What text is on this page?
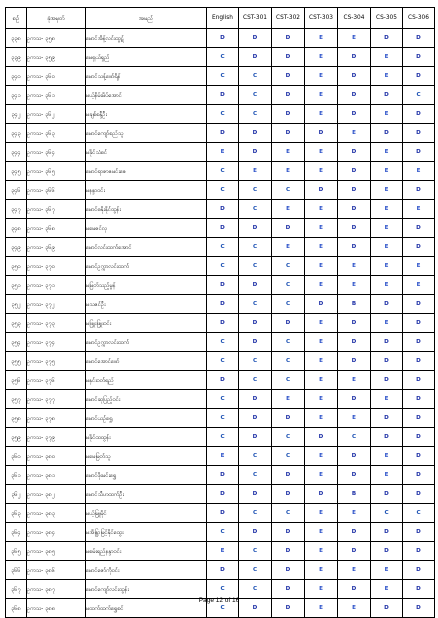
စဉ်	ခုံအမှတ်	အမည်	English	CST-301	CST-302	CST-303	CS-304	CS-305	CS-306
၃၃၈	ဥကသ- ၃၅၈	မောင်အိန့်လင်းထွဋ်	D	D	D	E	E	D	D
၃၃၉	ဥကသ- ၃၅၉	မေရှယ်ရှည်	C	D	D	E	D	E	D
၃၄၀	ဥကသ- ၃၆၀	မောင်သန့်ဖော်ရိန်	C	C	D	E	D	E	D
၃၄၁	ဥကသ- ၃၆၁	မယ့်နိမ်းမိပ်အောင်	D	C	D	E	D	D	C
၃၄၂	ဥကသ- ၃၆၂	မချစ်စန္ဒီဦး	C	C	D	E	D	E	D
၃၄၃	ဥကသ- ၃၆၃	မောင်ကျော်စည်သူ	D	D	D	D	E	D	D
၃၄၄	ဥကသ- ၃၆၄	မခိုင်သံစင်	E	D	E	E	D	E	D
၃၄၅	ဥကသ- ၃၆၅	မောင်ရာဇာဇမင်းဇေ	C	E	E	E	D	E	E
၃၄၆	ဥကသ- ၃၆၆	မနန္ဒာဝင်း	C	C	C	D	D	E	D
၃၄၇	ဥကသ- ၃၆၇	မောင်ဓနိုးနိုင်ထွန်း	D	C	E	E	D	E	E
၃၄၈	ဥကသ- ၃၆၈	မမေဇင်လှ	D	D	D	E	D	E	D
၃၄၉	ဥကသ- ၃၆၉	မောင်လင်းထက်အောင်	C	C	E	E	D	E	D
၃၅၀	ဥကသ- ၃၇၀	မောင်ဥက္ကာလင်းထက်	C	C	C	E	E	E	E
၃၅၁	ဥကသ- ၃၇၁	မမြတ်သည့်မွန်	D	D	C	E	E	E	E
၃၅၂	ဥကသ- ၃၇၂	မသဇင်ဦး	D	C	C	D	B	D	D
၃၅၃	ဥကသ- ၃၇၃	မဖြူးဖြူးဝင်း	D	D	D	E	D	E	D
၃၅၄	ဥကသ- ၃၇၄	မောင်ဥက္ကာလင်းထက်	C	D	C	E	D	D	D
၃၅၅	ဥကသ- ၃၇၅	မောင်အောင်ဖော်	C	C	C	E	D	D	D
၃၅၆	ဥကသ- ၃၇၆	မနှင်းဝတ်ရည်	D	C	C	E	E	D	D
၃၅၇	ဥကသ- ၃၇၇	မောင်ဆုပြည့်ဝင်း	C	D	E	E	D	E	D
၃၅၈	ဥကသ- ၃၇၈	မောင်ယဉ်ရွှေ	C	D	D	E	E	D	D
၃၅၉	ဥကသ- ၃၇၉	မခိုင်ထထွန်း	C	D	C	D	C	D	D
၃၆၀	ဥကသ- ၃၈၀	မမေမြတ်သူ	E	C	C	E	D	E	D
၃၆၁	ဥကသ- ၃၈၁	မောင်ဖိုးမင်းရွှေ	D	C	D	E	D	E	D
၃၆၂	ဥကသ- ၃၈၂	မောင်သီဟထက်ဦး	D	D	D	D	B	D	D
၃၆၃	ဥကသ- ၃၈၃	မယ့်မြူမိုင်	D	C	C	E	E	C	C
၃၆၄	ဥကသ- ၃၈၄	မအိန္ဒြာမြင့်နိုင်ထွေး	C	D	D	E	D	D	D
၃၆၅	ဥကသ- ၃၈၅	မစမ်းရည်နန္ဒာဝင်း	E	C	D	E	D	D	D
၃၆၆	ဥကသ- ၃၈၆	မောင်ဇော်ကိုဝင်း	D	C	D	E	E	E	D
၃၆၇	ဥကသ- ၃၈၇	မောင်ကျော်လင်းထွန်း	C	C	D	E	D	E	D
၃၆၈	ဥကသ- ၃၈၈	မထက်ထက်ရွှေစင်	C	D	D	E	E	D	D
Page 12 of 16
